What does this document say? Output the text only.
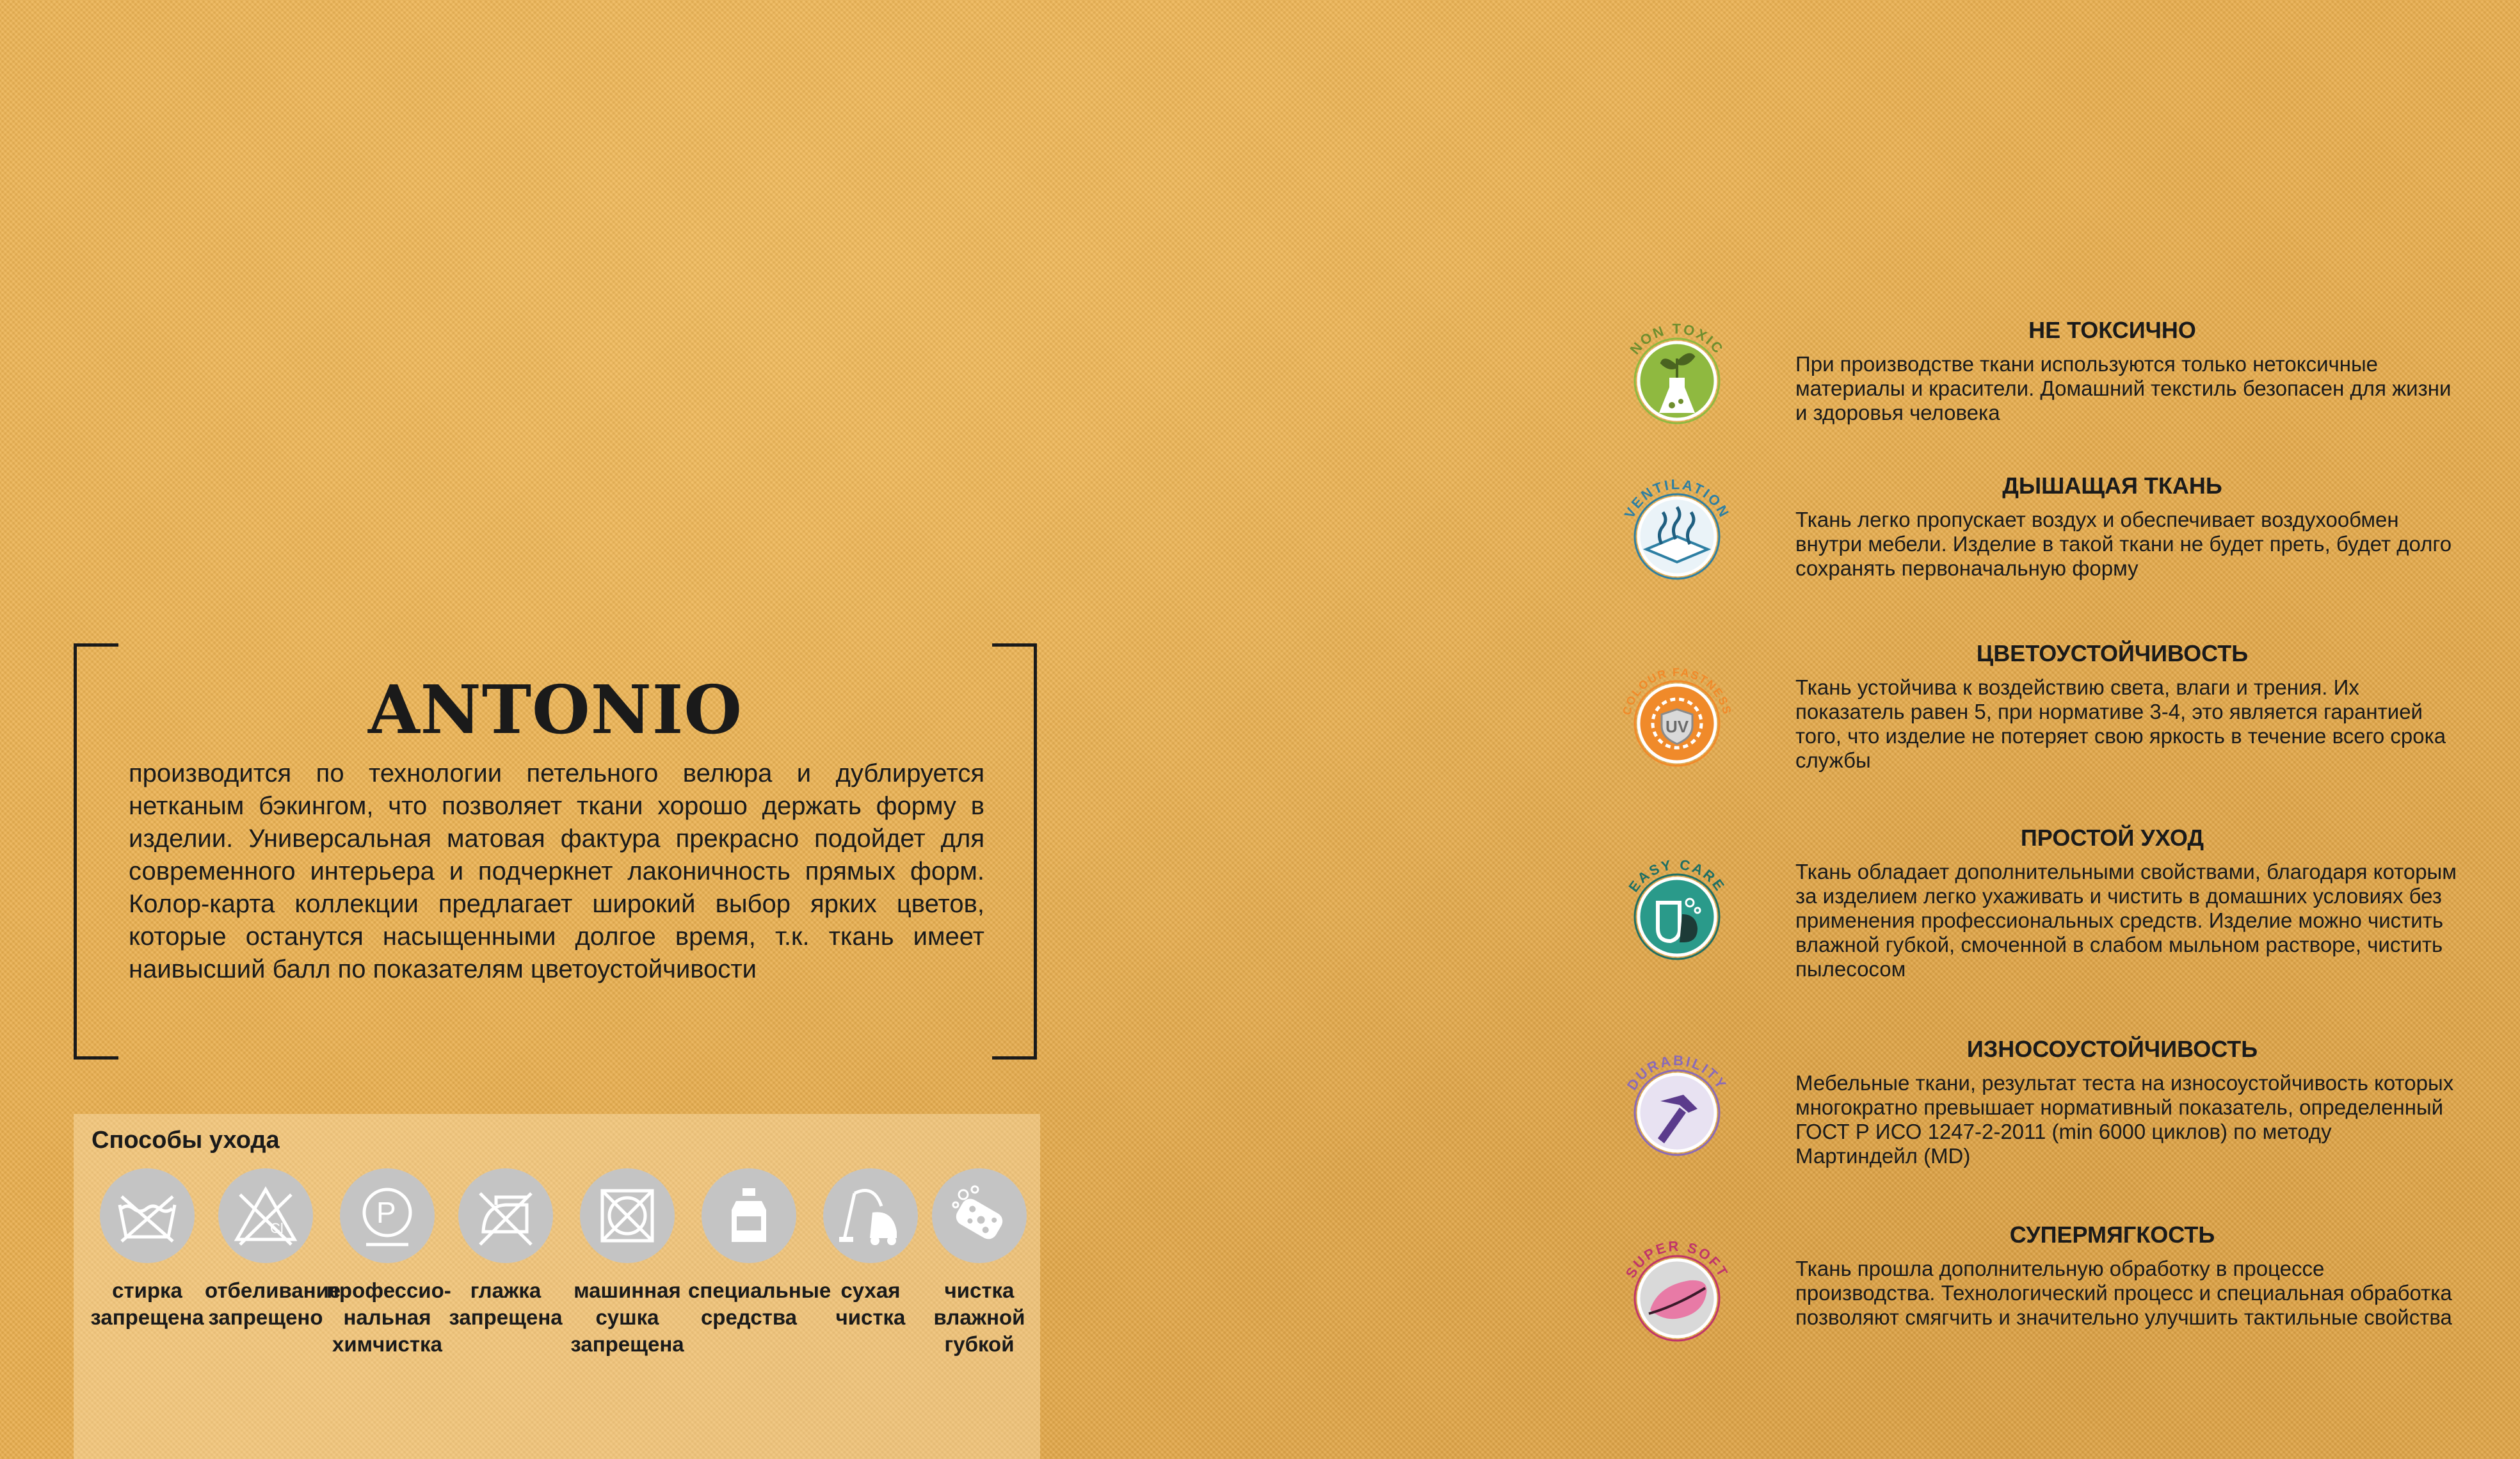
ANTONIO

производится по технологии петельного велюра и дублируется нетканым бэкингом, что позволяет ткани хорошо держать форму в изделии. Универсальная матовая фактура прекрасно подойдет для современного интерьера и подчеркнет лаконичность прямых форм. Колор-карта коллекции предлагает широкий выбор ярких цветов, которые останутся насыщенными долгое время, т.к. ткань имеет наивысший балл по показателям цветоустойчивости

Способы ухода
стирка запрещена
Cl
отбеливание запрещено
P
профессио- нальная химчистка
глажка запрещена
машинная сушка запрещена
специальные средства
сухая чистка
чистка влажной губкой
NON TOXIC
НЕ ТОКСИЧНО

При производстве ткани используются только нетоксичные материалы и красители. Домашний текстиль безопасен для жизни и здоровья человека

VENTILATION
ДЫШАЩАЯ ТКАНЬ

Ткань легко пропускает воздух и обеспечивает воздухообмен внутри мебели. Изделие в такой ткани не будет преть, будет долго сохранять первоначальную форму

COLOUR FASTNESS
UV
ЦВЕТОУСТОЙЧИВОСТЬ

Ткань устойчива к воздействию света, влаги и трения. Их показатель равен 5, при нормативе 3-4, это является гарантией того, что изделие не потеряет свою яркость в течение всего срока службы

EASY CARE
ПРОСТОЙ УХОД

Ткань обладает дополнительными свойствами, благодаря которым за изделием легко ухаживать и чистить в домашних условиях без применения профессиональных средств. Изделие можно чистить влажной губкой, смоченной в слабом мыльном растворе, чистить пылесосом

DURABILITY
ИЗНОСОУСТОЙЧИВОСТЬ

Мебельные ткани, результат теста на износоустойчивость которых многократно превышает нормативный показатель, определенный ГОСТ Р ИСО 1247-2-2011 (min 6000 циклов) по методу Мартиндейл (MD)

SUPER SOFT
СУПЕРМЯГКОСТЬ

Ткань прошла дополнительную обработку в процессе производства. Технологический процесс и специальная обработка позволяют смягчить и значительно улучшить тактильные свойства
